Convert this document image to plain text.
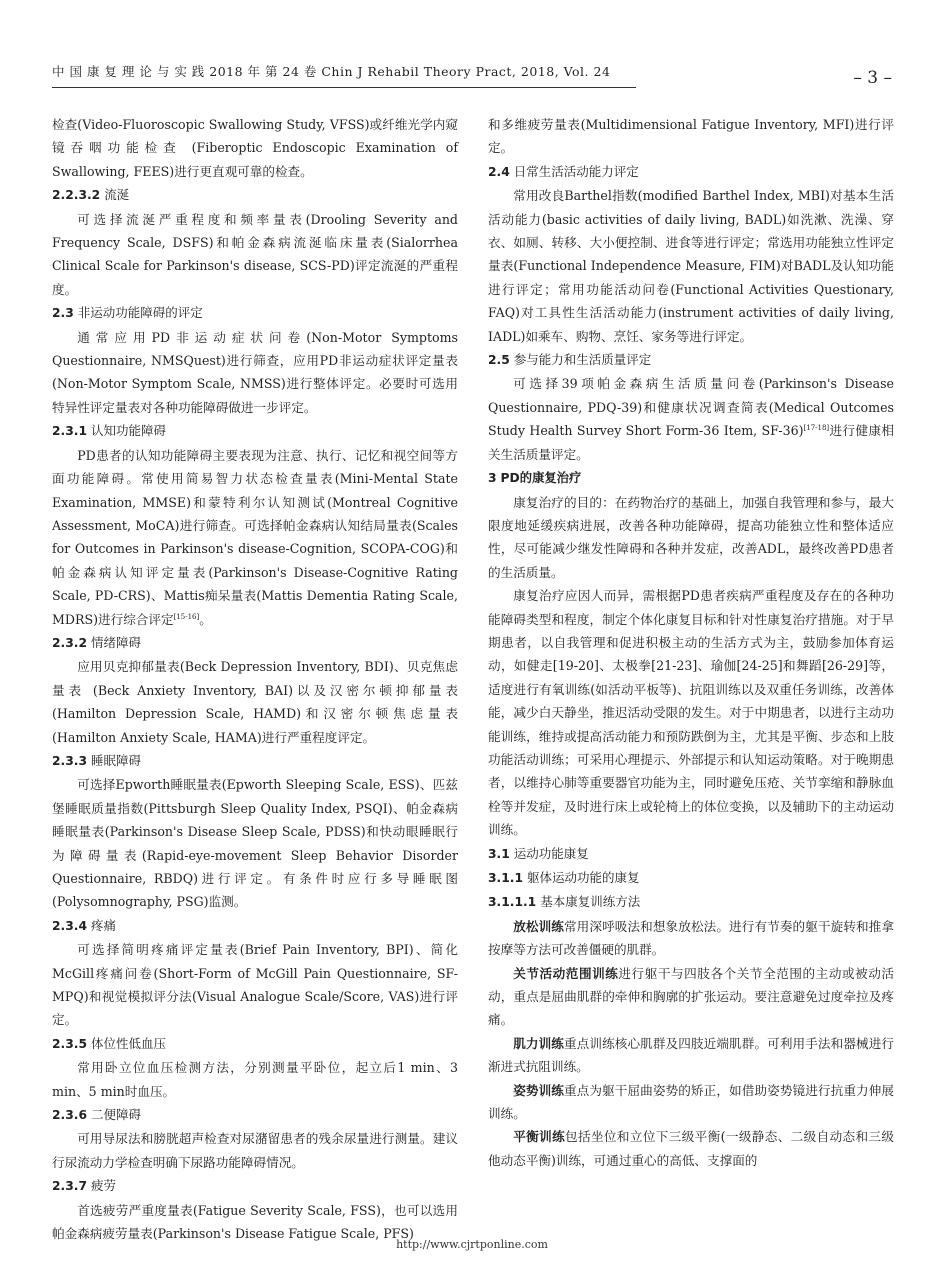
中 国 康 复 理 论 与 实 践 2018 年 第 24 卷 Chin J Rehabil Theory Pract, 2018, Vol. 24	– 3 –

检查(Video-Fluoroscopic Swallowing Study, VFSS)或纤维光学内窥镜吞咽功能检查 (Fiberoptic Endoscopic Examination of Swallowing, FEES)进行更直观可靠的检查。

2.2.3.2 流涎

可选择流涎严重程度和频率量表(Drooling Severity and Frequency Scale, DSFS)和帕金森病流涎临床量表(Sialorrhea Clinical Scale for Parkinson's disease, SCS-PD)评定流涎的严重程度。

2.3 非运动功能障碍的评定

通常应用PD非运动症状问卷(Non-Motor Symptoms Questionnaire, NMSQuest)进行筛查，应用PD非运动症状评定量表(Non-Motor Symptom Scale, NMSS)进行整体评定。必要时可选用特异性评定量表对各种功能障碍做进一步评定。

2.3.1 认知功能障碍

PD患者的认知功能障碍主要表现为注意、执行、记忆和视空间等方面功能障碍。常使用简易智力状态检查量表(Mini-Mental State Examination, MMSE)和蒙特利尔认知测试(Montreal Cognitive Assessment, MoCA)进行筛查。可选择帕金森病认知结局量表(Scales for Outcomes in Parkinson's disease-Cognition, SCOPA-COG)和帕金森病认知评定量表(Parkinson's Disease-Cognitive Rating Scale, PD-CRS)、Mattis痴呆量表(Mattis Dementia Rating Scale, MDRS)进行综合评定[15-16]。

2.3.2 情绪障碍

应用贝克抑郁量表(Beck Depression Inventory, BDI)、贝克焦虑量表 (Beck Anxiety Inventory, BAI)以及汉密尔顿抑郁量表(Hamilton Depression Scale, HAMD)和汉密尔顿焦虑量表(Hamilton Anxiety Scale, HAMA)进行严重程度评定。

2.3.3 睡眠障碍

可选择Epworth睡眠量表(Epworth Sleeping Scale, ESS)、匹兹堡睡眠质量指数(Pittsburgh Sleep Quality Index, PSQI)、帕金森病睡眠量表(Parkinson's Disease Sleep Scale, PDSS)和快动眼睡眠行为障碍量表(Rapid-eye-movement Sleep Behavior Disorder Questionnaire, RBDQ)进行评定。有条件时应行多导睡眠图(Polysomnography, PSG)监测。

2.3.4 疼痛

可选择简明疼痛评定量表(Brief Pain Inventory, BPI)、简化McGill疼痛问卷(Short-Form of McGill Pain Questionnaire, SF-MPQ)和视觉模拟评分法(Visual Analogue Scale/Score, VAS)进行评定。

2.3.5 体位性低血压

常用卧立位血压检测方法，分别测量平卧位，起立后1 min、3 min、5 min时血压。

2.3.6 二便障碍

可用导尿法和膀胱超声检查对尿潴留患者的残余尿量进行测量。建议行尿流动力学检查明确下尿路功能障碍情况。

2.3.7 疲劳

首选疲劳严重度量表(Fatigue Severity Scale, FSS)，也可以选用帕金森病疲劳量表(Parkinson's Disease Fatigue Scale, PFS)

和多维疲劳量表(Multidimensional Fatigue Inventory, MFI)进行评定。

2.4 日常生活活动能力评定

常用改良Barthel指数(modified Barthel Index, MBI)对基本生活活动能力(basic activities of daily living, BADL)如洗漱、洗澡、穿衣、如厕、转移、大小便控制、进食等进行评定；常选用功能独立性评定量表(Functional Independence Measure, FIM)对BADL及认知功能进行评定；常用功能活动问卷(Functional Activities Questionary, FAQ)对工具性生活活动能力(instrument activities of daily living, IADL)如乘车、购物、烹饪、家务等进行评定。

2.5 参与能力和生活质量评定

可选择39项帕金森病生活质量问卷(Parkinson's Disease Questionnaire, PDQ-39)和健康状况调查简表(Medical Outcomes Study Health Survey Short Form-36 Item, SF-36)[17-18]进行健康相关生活质量评定。

3 PD的康复治疗

康复治疗的目的：在药物治疗的基础上，加强自我管理和参与，最大限度地延缓疾病进展，改善各种功能障碍，提高功能独立性和整体适应性，尽可能减少继发性障碍和各种并发症，改善ADL，最终改善PD患者的生活质量。

康复治疗应因人而异，需根据PD患者疾病严重程度及存在的各种功能障碍类型和程度，制定个体化康复目标和针对性康复治疗措施。对于早期患者，以自我管理和促进积极主动的生活方式为主，鼓励参加体育运动，如健走[19-20]、太极拳[21-23]、瑜伽[24-25]和舞蹈[26-29]等，适度进行有氧训练(如活动平板等)、抗阻训练以及双重任务训练，改善体能，减少白天静坐，推迟活动受限的发生。对于中期患者，以进行主动功能训练，维持或提高活动能力和预防跌倒为主，尤其是平衡、步态和上肢功能活动训练；可采用心理提示、外部提示和认知运动策略。对于晚期患者，以维持心肺等重要器官功能为主，同时避免压疮、关节挛缩和静脉血栓等并发症，及时进行床上或轮椅上的体位变换，以及辅助下的主动运动训练。

3.1 运动功能康复

3.1.1 躯体运动功能的康复

3.1.1.1 基本康复训练方法

放松训练常用深呼吸法和想象放松法。进行有节奏的躯干旋转和推拿按摩等方法可改善僵硬的肌群。

关节活动范围训练进行躯干与四肢各个关节全范围的主动或被动活动，重点是屈曲肌群的牵伸和胸廓的扩张运动。要注意避免过度牵拉及疼痛。

肌力训练重点训练核心肌群及四肢近端肌群。可利用手法和器械进行渐进式抗阻训练。

姿势训练重点为躯干屈曲姿势的矫正，如借助姿势镜进行抗重力伸展训练。

平衡训练包括坐位和立位下三级平衡(一级静态、二级自动态和三级他动态平衡)训练，可通过重心的高低、支撑面的

http://www.cjrtponline.com
